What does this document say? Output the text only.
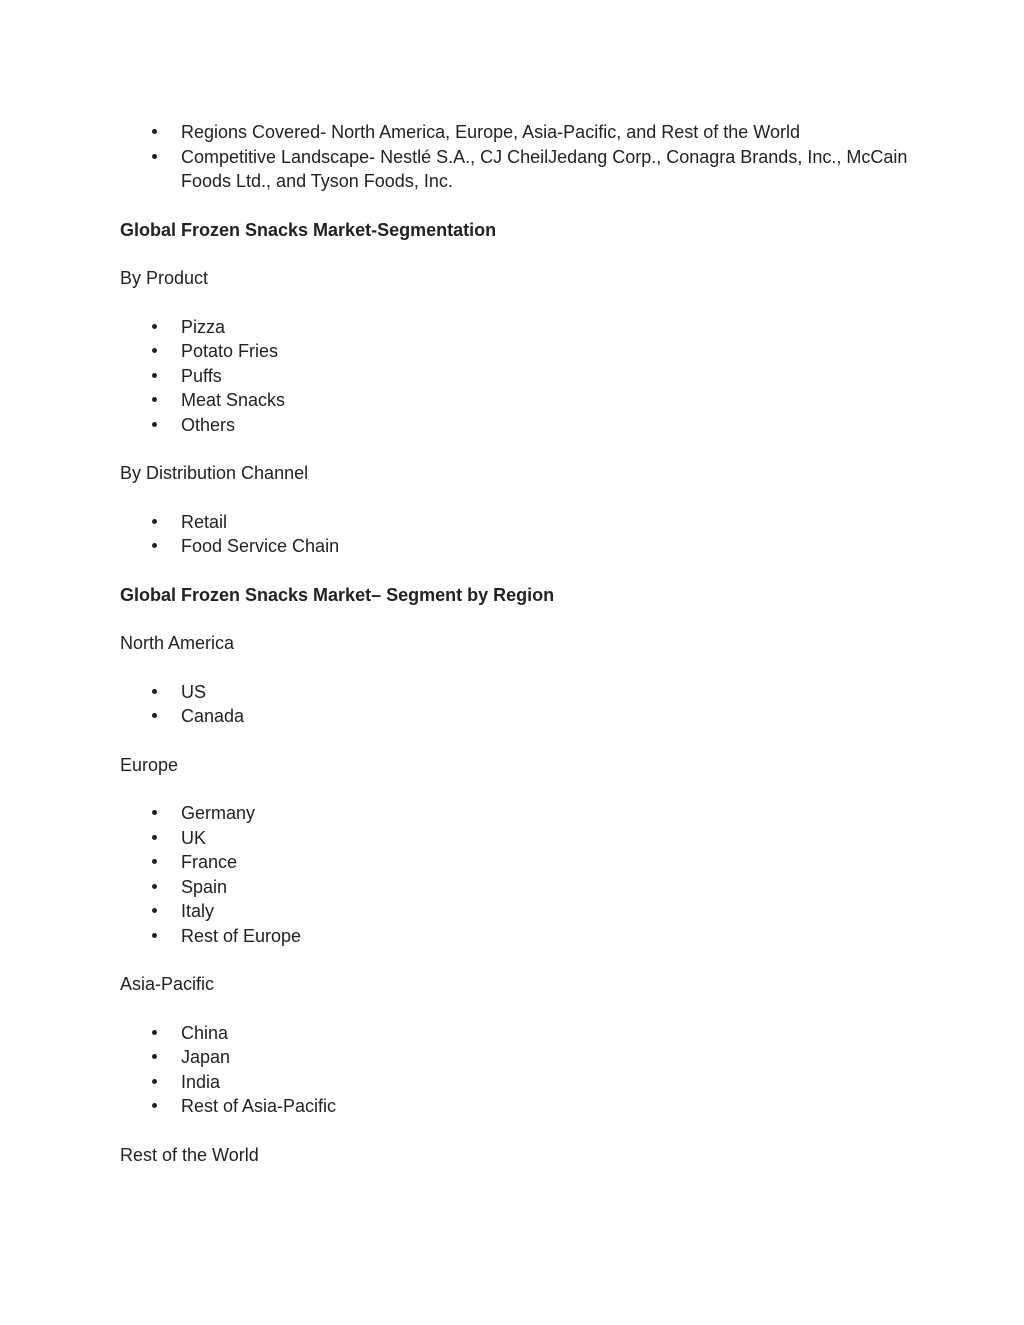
Regions Covered- North America, Europe, Asia-Pacific, and Rest of the World
Competitive Landscape- Nestlé S.A., CJ CheilJedang Corp., Conagra Brands, Inc., McCain Foods Ltd., and Tyson Foods, Inc.

Global Frozen Snacks Market-Segmentation

By Product

Pizza
Potato Fries
Puffs
Meat Snacks
Others

By Distribution Channel

Retail
Food Service Chain

Global Frozen Snacks Market– Segment by Region

North America

US
Canada

Europe

Germany
UK
France
Spain
Italy
Rest of Europe

Asia-Pacific

China
Japan
India
Rest of Asia-Pacific

Rest of the World
